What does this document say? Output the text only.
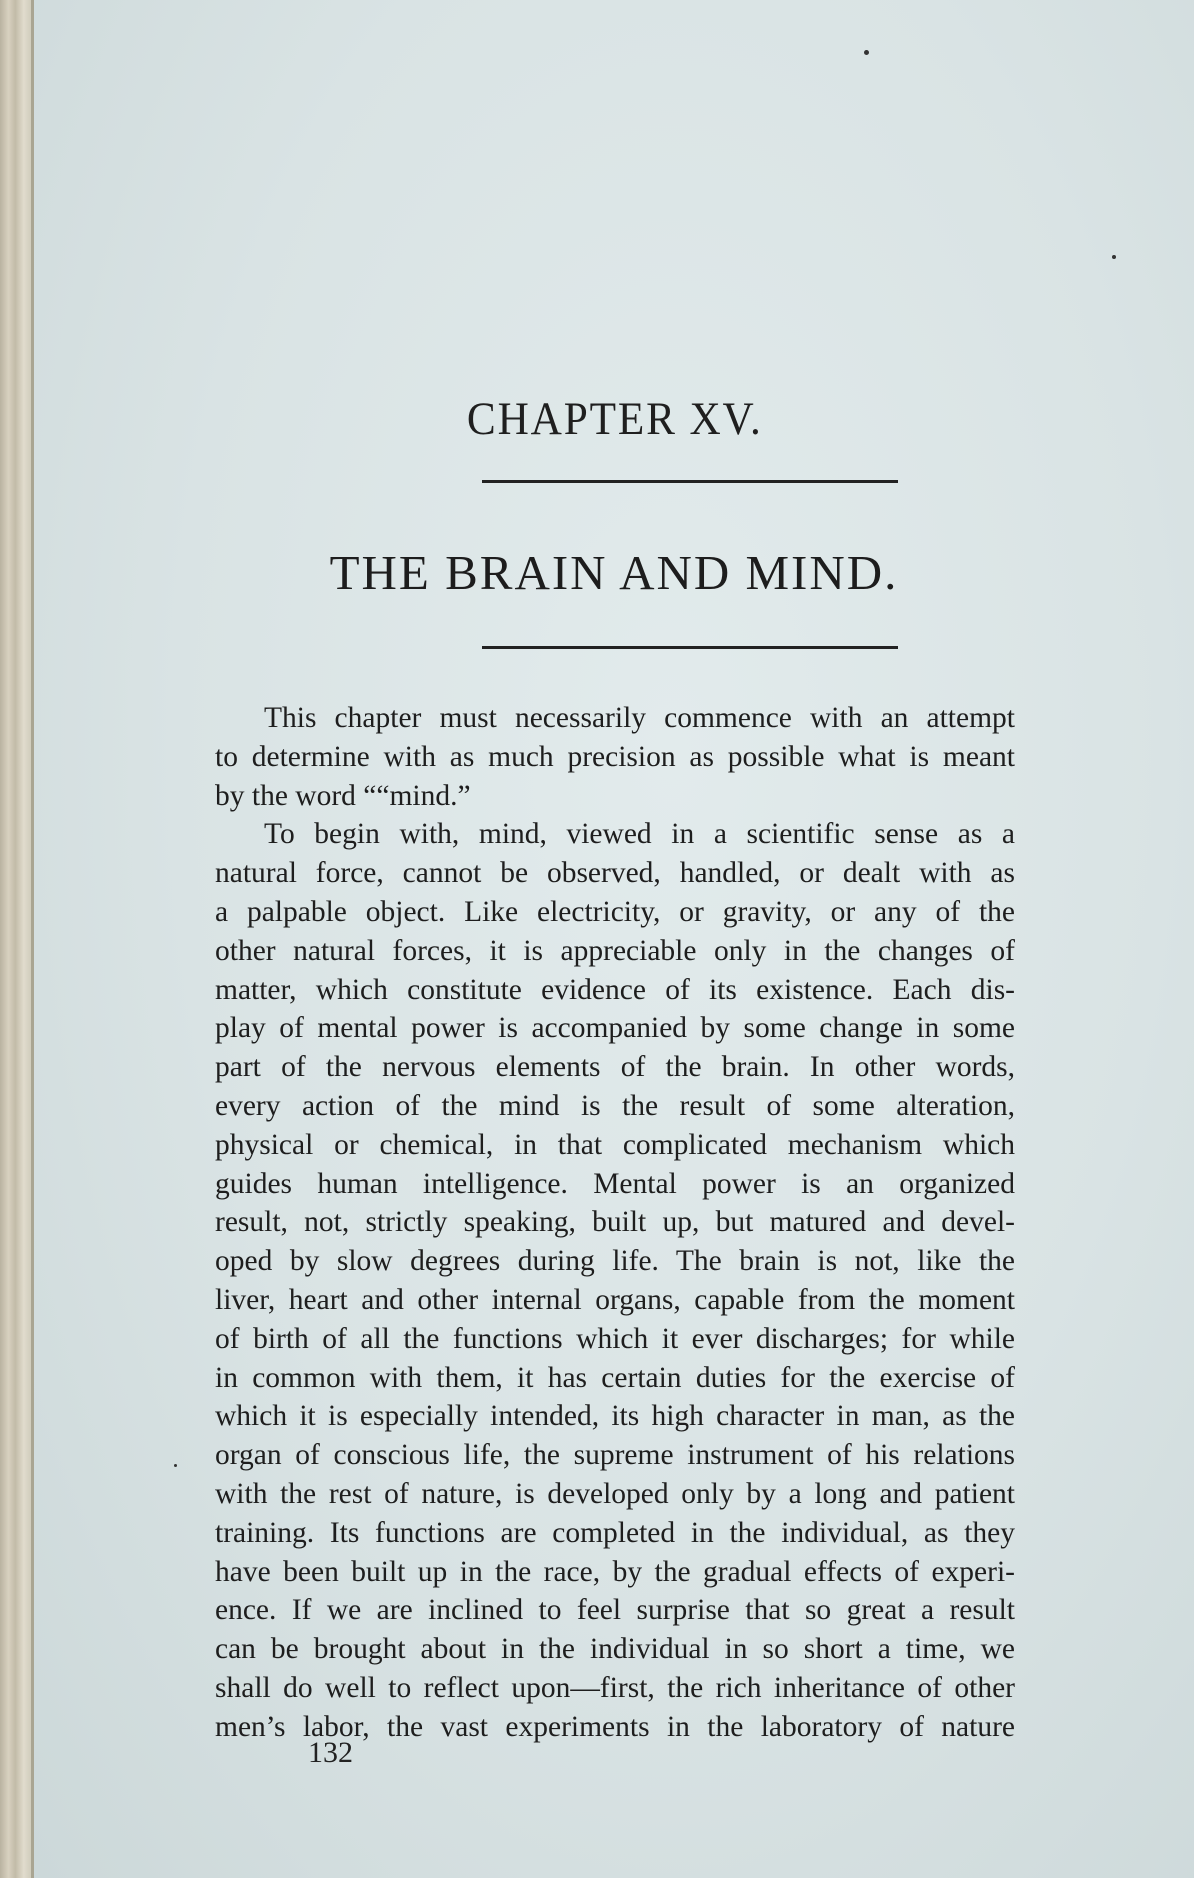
CHAPTER XV.
THE BRAIN AND MIND.
This chapter must necessarily commence with an attempt
to determine with as much precision as possible what is meant
by the word ““mind.”
To begin with, mind, viewed in a scientific sense as a
natural force, cannot be observed, handled, or dealt with as
a palpable object. Like electricity, or gravity, or any of the
other natural forces, it is appreciable only in the changes of
matter, which constitute evidence of its existence. Each dis-
play of mental power is accompanied by some change in some
part of the nervous elements of the brain. In other words,
every action of the mind is the result of some alteration,
physical or chemical, in that complicated mechanism which
guides human intelligence. Mental power is an organized
result, not, strictly speaking, built up, but matured and devel-
oped by slow degrees during life. The brain is not, like the
liver, heart and other internal organs, capable from the moment
of birth of all the functions which it ever discharges; for while
in common with them, it has certain duties for the exercise of
which it is especially intended, its high character in man, as the
organ of conscious life, the supreme instrument of his relations
with the rest of nature, is developed only by a long and patient
training. Its functions are completed in the individual, as they
have been built up in the race, by the gradual effects of experi-
ence. If we are inclined to feel surprise that so great a result
can be brought about in the individual in so short a time, we
shall do well to reflect upon—first, the rich inheritance of other
men’s labor, the vast experiments in the laboratory of nature
132
